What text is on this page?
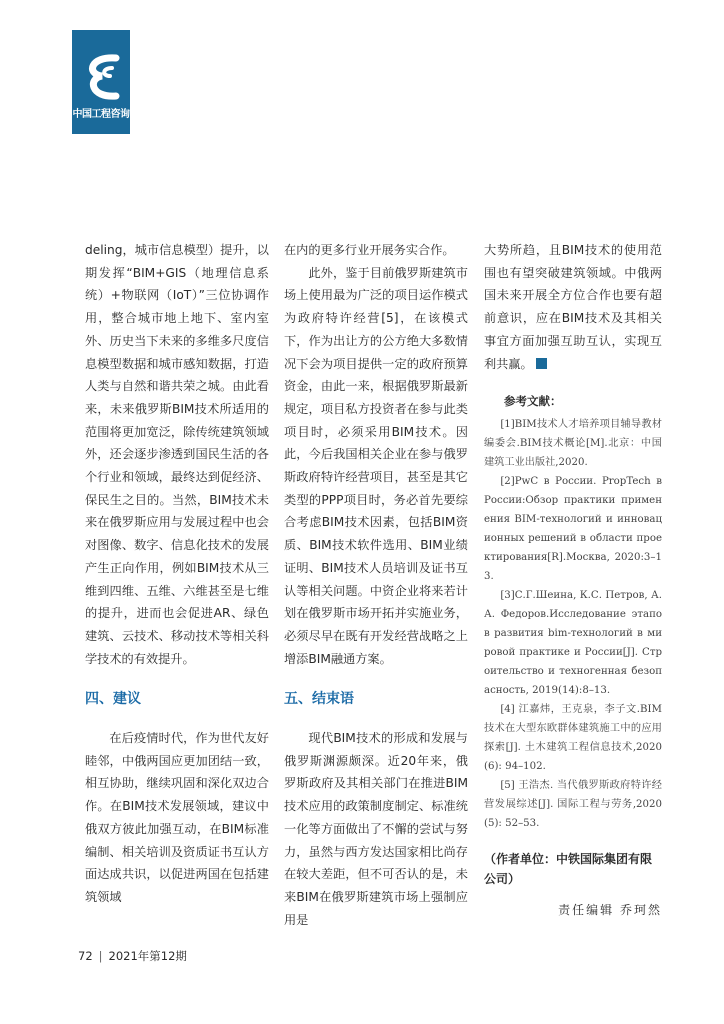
中国工程咨询

deling，城市信息模型）提升，以期发挥“BIM+GIS（地理信息系统）+物联网（IoT）”三位协调作用，整合城市地上地下、室内室外、历史当下未来的多维多尺度信息模型数据和城市感知数据，打造人类与自然和谐共荣之城。由此看来，未来俄罗斯BIM技术所适用的范围将更加宽泛，除传统建筑领域外，还会逐步渗透到国民生活的各个行业和领域，最终达到促经济、保民生之目的。当然，BIM技术未来在俄罗斯应用与发展过程中也会对图像、数字、信息化技术的发展产生正向作用，例如BIM技术从三维到四维、五维、六维甚至是七维的提升，进而也会促进AR、绿色建筑、云技术、移动技术等相关科学技术的有效提升。

四、建议

在后疫情时代，作为世代友好睦邻，中俄两国应更加团结一致，相互协助，继续巩固和深化双边合作。在BIM技术发展领域，建议中俄双方彼此加强互动，在BIM标准编制、相关培训及资质证书互认方面达成共识，以促进两国在包括建筑领域

在内的更多行业开展务实合作。

此外，鉴于目前俄罗斯建筑市场上使用最为广泛的项目运作模式为政府特许经营[5]，在该模式下，作为出让方的公方绝大多数情况下会为项目提供一定的政府预算资金，由此一来，根据俄罗斯最新规定，项目私方投资者在参与此类项目时，必须采用BIM技术。因此，今后我国相关企业在参与俄罗斯政府特许经营项目，甚至是其它类型的PPP项目时，务必首先要综合考虑BIM技术因素，包括BIM资质、BIM技术软件选用、BIM业绩证明、BIM技术人员培训及证书互认等相关问题。中资企业将来若计划在俄罗斯市场开拓并实施业务，必须尽早在既有开发经营战略之上增添BIM融通方案。

五、结束语

现代BIM技术的形成和发展与俄罗斯渊源颇深。近20年来，俄罗斯政府及其相关部门在推进BIM技术应用的政策制度制定、标准统一化等方面做出了不懈的尝试与努力，虽然与西方发达国家相比尚存在较大差距，但不可否认的是，未来BIM在俄罗斯建筑市场上强制应用是

大势所趋，且BIM技术的使用范围也有望突破建筑领域。中俄两国未来开展全方位合作也要有超前意识，应在BIM技术及其相关事宜方面加强互助互认，实现互利共赢。

参考文献：

[1]BIM技术人才培养项目辅导教材编委会.BIM技术概论[M].北京：中国建筑工业出版社,2020.

[2]PwC в России. PropTech в России:Обзор практики применения BIM-технологий и инновационных решений в области проектирования[R].Москва, 2020:3–13.

[3]С.Г.Шеина, К.С. Петров, А.А. Федоров.Исследование этапов развития bim-технологий в мировой практике и России[J]. Строительство и техногенная безопасность, 2019(14):8–13.

[4] 江嘉炜，王克泉，李子文.BIM技术在大型东欧群体建筑施工中的应用探索[J]. 土木建筑工程信息技术,2020(6): 94–102.

[5] 王浩杰. 当代俄罗斯政府特许经营发展综述[J]. 国际工程与劳务,2020(5): 52–53.

（作者单位：中铁国际集团有限公司）
责任编辑 乔珂然
72 | 2021年第12期
